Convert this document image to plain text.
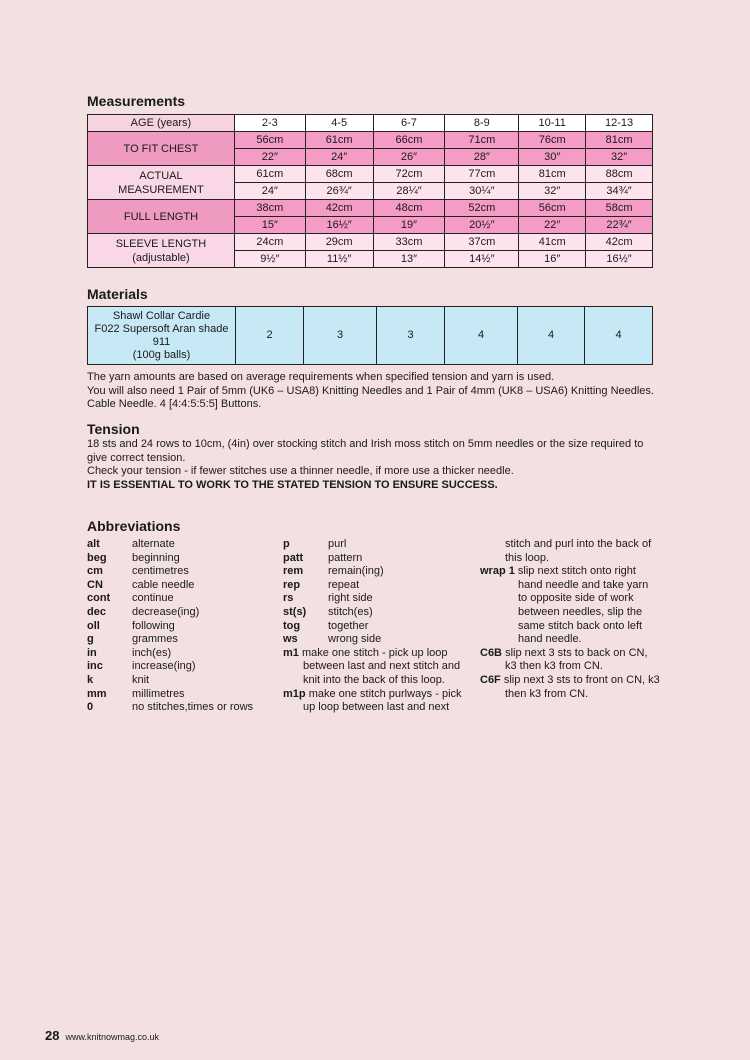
Measurements
AGE (years)	2-3	4-5	6-7	8-9	10-11	12-13
TO FIT CHEST	56cm	61cm	66cm	71cm	76cm	81cm
	22″	24″	26″	28″	30″	32″
ACTUAL MEASUREMENT	61cm	68cm	72cm	77cm	81cm	88cm
	24″	26¾″	28¼″	30¼″	32″	34¾″
FULL LENGTH	38cm	42cm	48cm	52cm	56cm	58cm
	15″	16½″	19″	20½″	22″	22¾″
SLEEVE LENGTH (adjustable)	24cm	29cm	33cm	37cm	41cm	42cm
	9½″	11½″	13″	14½″	16″	16½″
Materials
Shawl Collar Cardie
F022 Supersoft Aran shade
911
(100g balls)
	2	3	3	4	4	4

The yarn amounts are based on average requirements when specified tension and yarn is used.

You will also need 1 Pair of 5mm (UK6 – USA8) Knitting Needles and 1 Pair of 4mm (UK8 – USA6) Knitting Needles. Cable Needle. 4 [4:4:5:5:5] Buttons.

Tension

18 sts and 24 rows to 10cm, (4in) over stocking stitch and Irish moss stitch on 5mm needles or the size required to give correct tension.

Check your tension - if fewer stitches use a thinner needle, if more use a thicker needle.

IT IS ESSENTIAL TO WORK TO THE STATED TENSION TO ENSURE SUCCESS.

Abbreviations
alt	alternate
beg	beginning
cm	centimetres
CN	cable needle
cont	continue
dec	decrease(ing)
oll	following
g	grammes
in	inch(es)
inc	increase(ing)
k	knit
mm	millimetres
0	no stitches,times or rows
p	purl
patt	pattern
rem	remain(ing)
rep	repeat
rs	right side
st(s)	stitch(es)
tog	together
ws	wrong side
m1 make one stitch - pick up loop between last and next stitch and knit into the back of this loop.
m1p make one stitch purlways - pick up loop between last and next
stitch and purl into the back of this loop.
wrap 1 slip next stitch onto right hand needle and take yarn to opposite side of work between needles, slip the same stitch back onto left hand needle.
C6B slip next 3 sts to back on CN, k3 then k3 from CN.
C6F slip next 3 sts to front on CN, k3 then k3 from CN.
28 www.knitnowmag.co.uk
